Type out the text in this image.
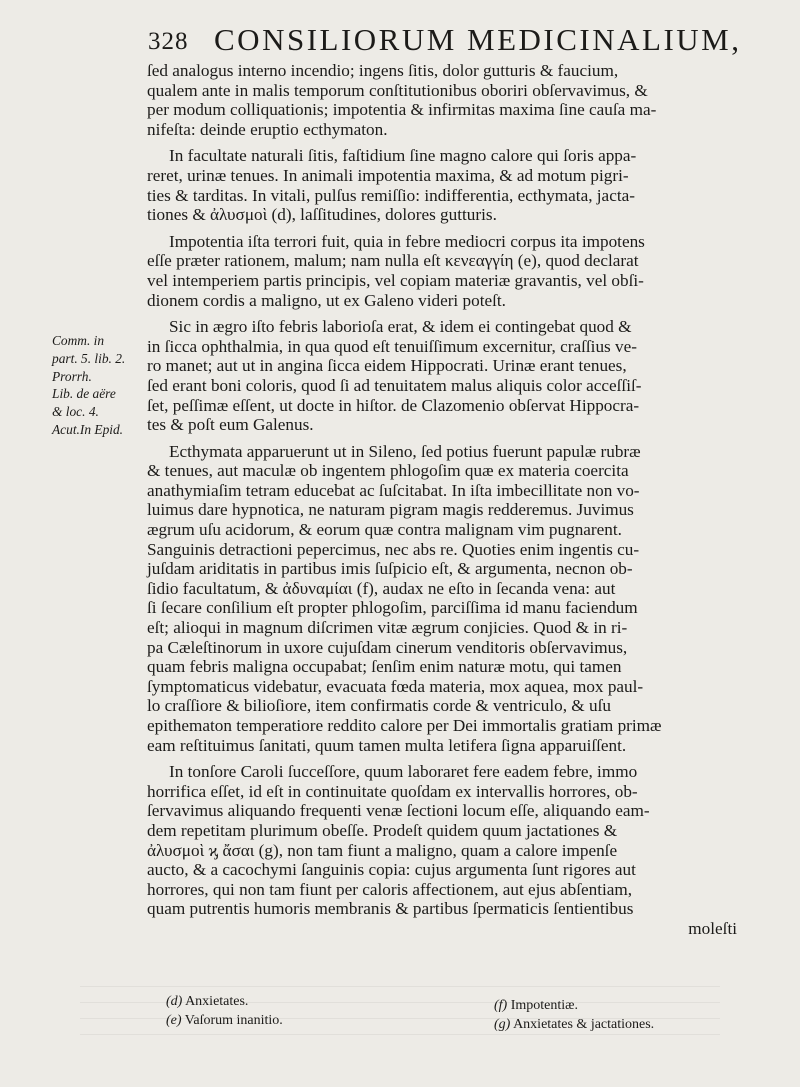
328 CONSILIORUM MEDICINALIUM,
ſed analogus interno incendio; ingens ſitis, dolor gutturis & faucium,
qualem ante in malis temporum conſtitutionibus oboriri obſervavimus, &
per modum colliquationis; impotentia & infirmitas maxima ſine cauſa ma-
nifeſta: deinde eruptio ecthymaton.
In facultate naturali ſitis, faſtidium ſine magno calore qui ſoris appa-
reret, urinæ tenues. In animali impotentia maxima, & ad motum pigri-
ties & tarditas. In vitali, pulſus remiſſio: indifferentia, ecthymata, jacta-
tiones & ἀλυσμοὶ (d), laſſitudines, dolores gutturis.
Impotentia iſta terrori fuit, quia in febre mediocri corpus ita impotens
eſſe præter rationem, malum; nam nulla eſt κενεαγγίη (e), quod declarat
vel intemperiem partis principis, vel copiam materiæ gravantis, vel obſi-
dionem cordis a maligno, ut ex Galeno videri poteſt.
Sic in ægro iſto febris laborioſa erat, & idem ei contingebat quod &
in ſicca ophthalmia, in qua quod eſt tenuiſſimum excernitur, craſſius ve-
ro manet; aut ut in angina ſicca eidem Hippocrati. Urinæ erant tenues,
ſed erant boni coloris, quod ſi ad tenuitatem malus aliquis color acceſſiſ-
ſet, peſſimæ eſſent, ut docte in hiſtor. de Clazomenio obſervat Hippocra-
tes & poſt eum Galenus.
Ecthymata apparuerunt ut in Sileno, ſed potius fuerunt papulæ rubræ
& tenues, aut maculæ ob ingentem phlogoſim quæ ex materia coercita
anathymiaſim tetram educebat ac ſuſcitabat. In iſta imbecillitate non vo-
luimus dare hypnotica, ne naturam pigram magis redderemus. Juvimus
ægrum uſu acidorum, & eorum quæ contra malignam vim pugnarent.
Sanguinis detractioni pepercimus, nec abs re. Quoties enim ingentis cu-
juſdam ariditatis in partibus imis ſuſpicio eſt, & argumenta, necnon ob-
ſidio facultatum, & ἀδυναμίαι (f), audax ne eſto in ſecanda vena: aut
ſi ſecare conſilium eſt propter phlogoſim, parciſſima id manu faciendum
eſt; alioqui in magnum diſcrimen vitæ ægrum conjicies. Quod & in ri-
pa Cæleſtinorum in uxore cujuſdam cinerum venditoris obſervavimus,
quam febris maligna occupabat; ſenſim enim naturæ motu, qui tamen
ſymptomaticus videbatur, evacuata fœda materia, mox aquea, mox paul-
lo craſſiore & bilioſiore, item confirmatis corde & ventriculo, & uſu
epithematon temperatiore reddito calore per Dei immortalis gratiam primæ
eam reſtituimus ſanitati, quum tamen multa letifera ſigna apparuiſſent.
In tonſore Caroli ſucceſſore, quum laboraret fere eadem febre, immo
horrifica eſſet, id eſt in continuitate quoſdam ex intervallis horrores, ob-
ſervavimus aliquando frequenti venæ ſectioni locum eſſe, aliquando eam-
dem repetitam plurimum obeſſe. Prodeſt quidem quum jactationes &
ἀλυσμοὶ ϗ ἄσαι (g), non tam fiunt a maligno, quam a calore impenſe
aucto, & a cacochymi ſanguinis copia: cujus argumenta ſunt rigores aut
horrores, qui non tam fiunt per caloris affectionem, aut ejus abſentiam,
quam putrentis humoris membranis & partibus ſpermaticis ſentientibus
moleſti
Comm. in
part. 5. lib. 2.
Prorrh.
Lib. de aëre
& loc. 4.
Acut.In Epid.
(d) Anxietates.
(e) Vaſorum inanitio.
(f) Impotentiæ.
(g) Anxietates & jactationes.
